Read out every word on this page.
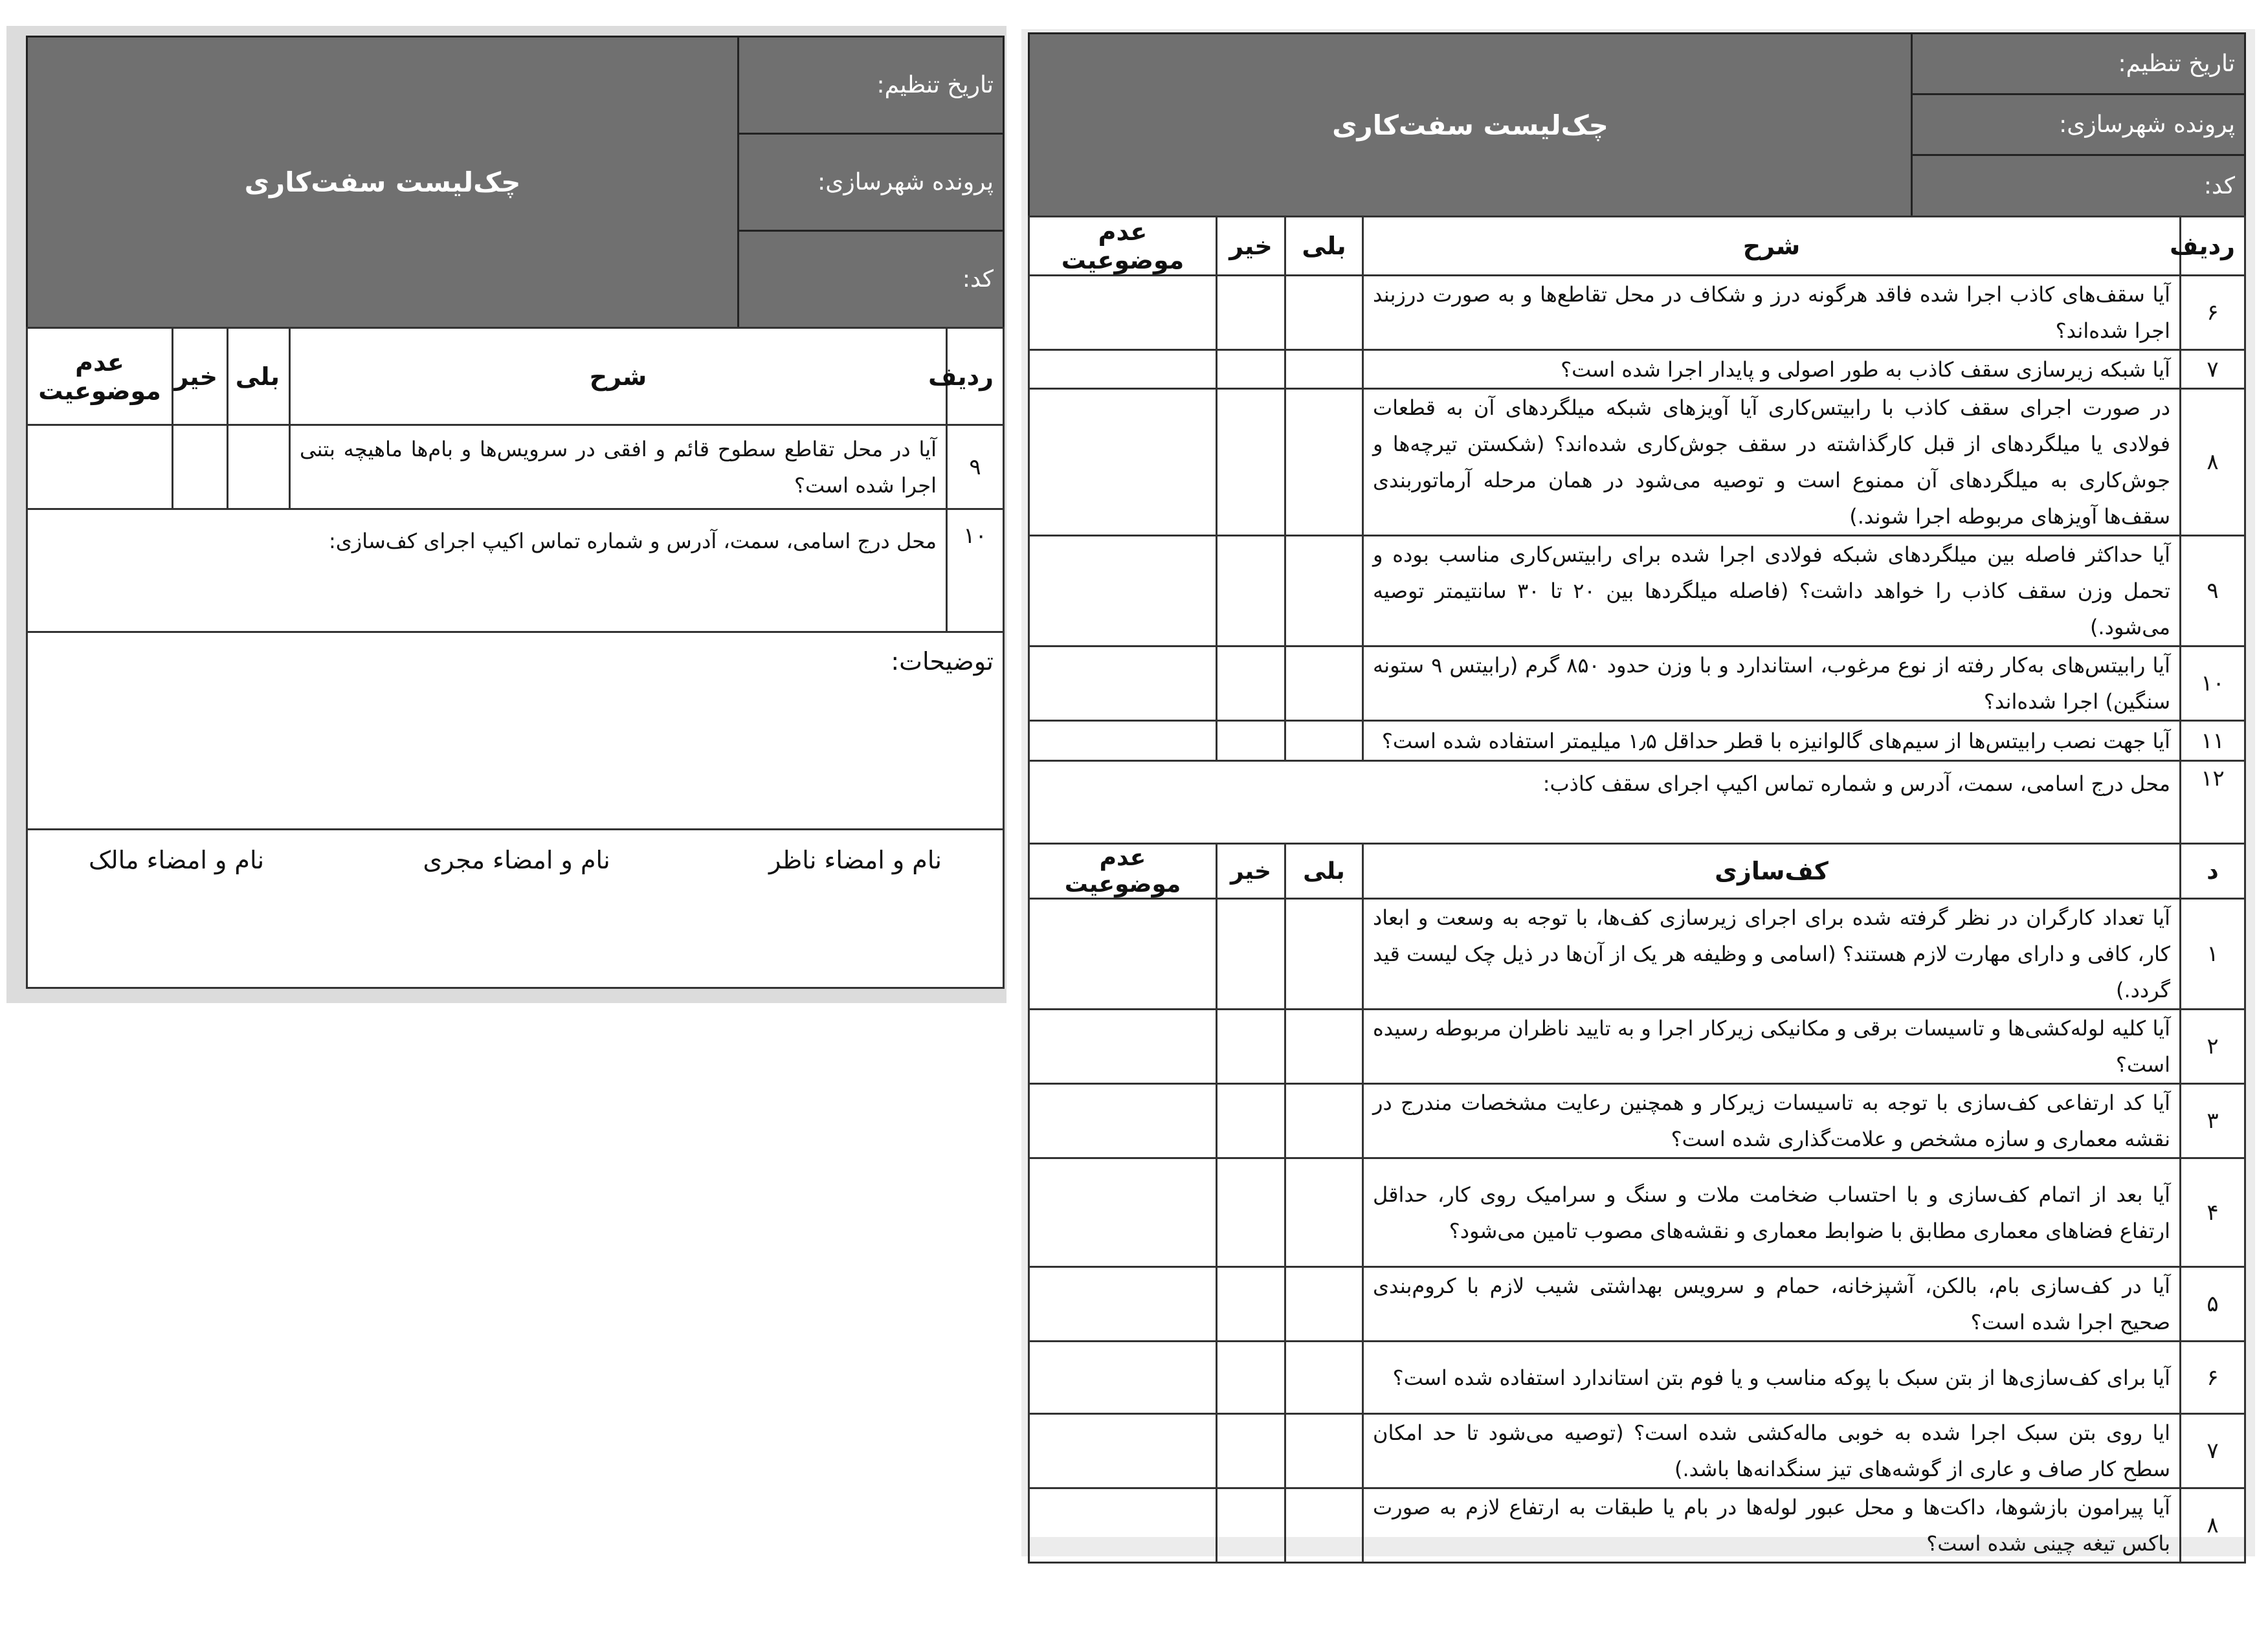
تاریخ تنظیم:	چک‌لیست سفت‌کاری
پرونده شهرسازی:
کد:
ردیف	شرح	بلی	خیر	عدم موضوعیت
۹	آیا در محل تقاطع سطوح قائم و افقی در سرویس‌ها و بام‌ها ماهیچه بتنی اجرا شده است؟			
۱۰	محل درج اسامی، سمت، آدرس و شماره تماس اکیپ اجرای کف‌سازی:			
توضیحات:				

نام و امضاء ناظر
نام و امضاء مجری
نام و امضاء مالک				
تاریخ تنظیم:	چک‌لیست سفت‌کاری
پرونده شهرسازی:
کد:
ردیف	شرح	بلی	خیر	عدم موضوعیت
۶	آیا سقف‌های کاذب اجرا شده فاقد هرگونه درز و شکاف در محل تقاطع‌ها و به صورت درزبند اجرا شده‌اند؟			
۷	آیا شبکه زیرسازی سقف کاذب به طور اصولی و پایدار اجرا شده است؟			
۸	در صورت اجرای سقف کاذب با رابیتس‌کاری آیا آویزهای شبکه میلگردهای آن به قطعات فولادی یا میلگردهای از قبل کارگذاشته در سقف جوش‌کاری شده‌اند؟ (شکستن تیرچه‌ها و جوش‌کاری به میلگردهای آن ممنوع است و توصیه می‌شود در همان مرحله آرماتوربندی سقف‌ها آویزهای مربوطه اجرا شوند.)			
۹	آیا حداکثر فاصله بین میلگردهای شبکه فولادی اجرا شده برای رابیتس‌کاری مناسب بوده و تحمل وزن سقف کاذب را خواهد داشت؟ (فاصله میلگردها بین ۲۰ تا ۳۰ سانتیمتر توصیه می‌شود.)			
۱۰	آیا رابیتس‌های به‌کار رفته از نوع مرغوب، استاندارد و با وزن حدود ۸۵۰ گرم (رابیتس ۹ ستونه سنگین) اجرا شده‌اند؟			
۱۱	آیا جهت نصب رابیتس‌ها از سیم‌های گالوانیزه با قطر حداقل ۱٫۵ میلیمتر استفاده شده است؟			
۱۲	محل درج اسامی، سمت، آدرس و شماره تماس اکیپ اجرای سقف کاذب:			
د	کف‌سازی	بلی	خیر	عدم موضوعیت
۱	آیا تعداد کارگران در نظر گرفته شده برای اجرای زیرسازی کف‌ها، با توجه به وسعت و ابعاد کار، کافی و دارای مهارت لازم هستند؟ (اسامی و وظیفه هر یک از آن‌ها در ذیل چک لیست قید گردد.)			
۲	آیا کلیه لوله‌کشی‌ها و تاسیسات برقی و مکانیکی زیرکار اجرا و به تایید ناظران مربوطه رسیده است؟			
۳	آیا کد ارتفاعی کف‌سازی با توجه به تاسیسات زیرکار و همچنین رعایت مشخصات مندرج در نقشه معماری و سازه مشخص و علامت‌گذاری شده است؟			
۴	آیا بعد از اتمام کف‌سازی و با احتساب ضخامت ملات و سنگ و سرامیک روی کار، حداقل ارتفاع فضاهای معماری مطابق با ضوابط معماری و نقشه‌های مصوب تامین می‌شود؟			
۵	آیا در کف‌سازی بام، بالکن، آشپزخانه، حمام و سرویس بهداشتی شیب لازم با کروم‌بندی صحیح اجرا شده است؟			
۶	آیا برای کف‌سازی‌ها از بتن سبک با پوکه مناسب و یا فوم بتن استاندارد استفاده شده است؟			
۷	ایا روی بتن سبک اجرا شده به خوبی ماله‌کشی شده است؟ (توصیه می‌شود تا حد امکان سطح کار صاف و عاری از گوشه‌های تیز سنگدانه‌ها باشد.)			
۸	آیا پیرامون بازشوها، داکت‌ها و محل عبور لوله‌ها در بام یا طبقات به ارتفاع لازم به صورت باکس تیغه چینی شده است؟			
